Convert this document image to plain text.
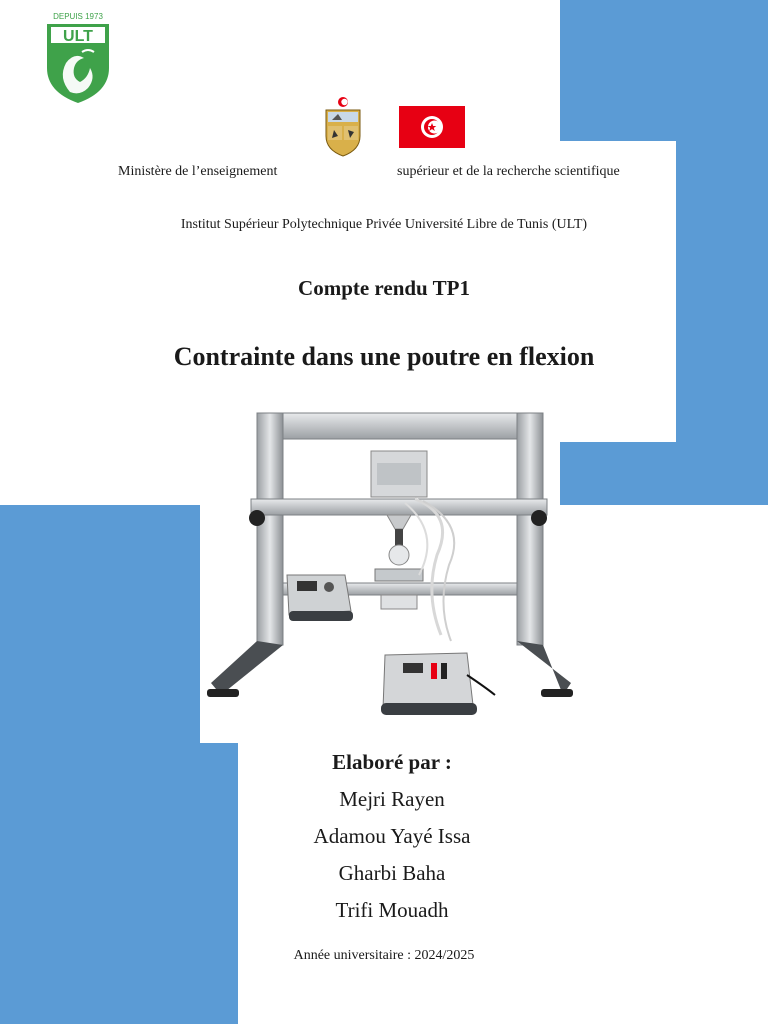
DEPUIS 1973
ULT
Ministère de l’enseignement	supérieur et de la recherche scientifique
Institut Supérieur Polytechnique Privée Université Libre de Tunis (ULT)
Compte rendu TP1
Contrainte dans une poutre en flexion
Elaboré par :
Mejri Rayen
Adamou Yayé Issa
Gharbi Baha
Trifi Mouadh
Année universitaire : 2024/2025
